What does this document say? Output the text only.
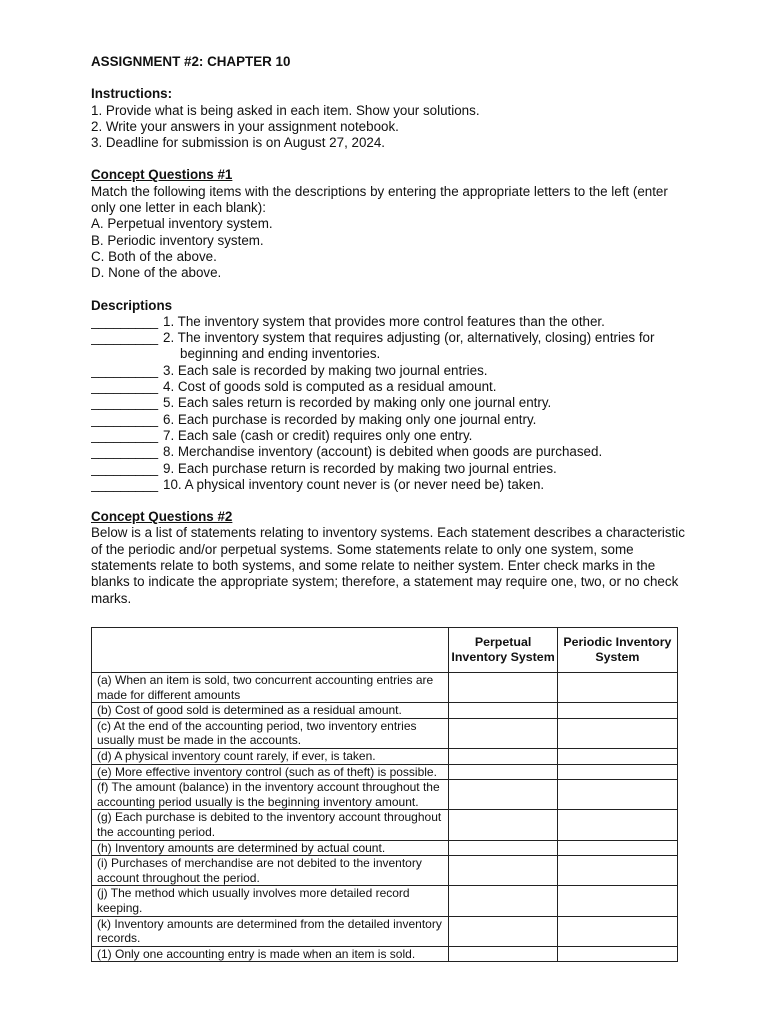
ASSIGNMENT #2: CHAPTER 10

Instructions:

1. Provide what is being asked in each item. Show your solutions.

2. Write your answers in your assignment notebook.

3. Deadline for submission is on August 27, 2024.

Concept Questions #1

Match the following items with the descriptions by entering the appropriate letters to the left (enter only one letter in each blank):

A. Perpetual inventory system.

B. Periodic inventory system.

C. Both of the above.

D. None of the above.

Descriptions

_________ 1. The inventory system that provides more control features than the other.
_________ 2. The inventory system that requires adjusting (or, alternatively, closing) entries for
beginning and ending inventories.
_________ 3. Each sale is recorded by making two journal entries.
_________ 4. Cost of goods sold is computed as a residual amount.
_________ 5. Each sales return is recorded by making only one journal entry.
_________ 6. Each purchase is recorded by making only one journal entry.
_________ 7. Each sale (cash or credit) requires only one entry.
_________ 8. Merchandise inventory (account) is debited when goods are purchased.
_________ 9. Each purchase return is recorded by making two journal entries.
_________ 10. A physical inventory count never is (or never need be) taken.

Concept Questions #2

Below is a list of statements relating to inventory systems. Each statement describes a characteristic of the periodic and/or perpetual systems. Some statements relate to only one system, some statements relate to both systems, and some relate to neither system. Enter check marks in the blanks to indicate the appropriate system; therefore, a statement may require one, two, or no check marks.

	Perpetual Inventory System	Periodic Inventory System
(a) When an item is sold, two concurrent accounting entries are made for different amounts		
(b) Cost of good sold is determined as a residual amount.		
(c) At the end of the accounting period, two inventory entries usually must be made in the accounts.		
(d) A physical inventory count rarely, if ever, is taken.		
(e) More effective inventory control (such as of theft) is possible.		
(f) The amount (balance) in the inventory account throughout the accounting period usually is the beginning inventory amount.		
(g) Each purchase is debited to the inventory account throughout the accounting period.		
(h) Inventory amounts are determined by actual count.		
(i) Purchases of merchandise are not debited to the inventory account throughout the period.		
(j) The method which usually involves more detailed record keeping.		
(k) Inventory amounts are determined from the detailed inventory records.		
(1) Only one accounting entry is made when an item is sold.		
